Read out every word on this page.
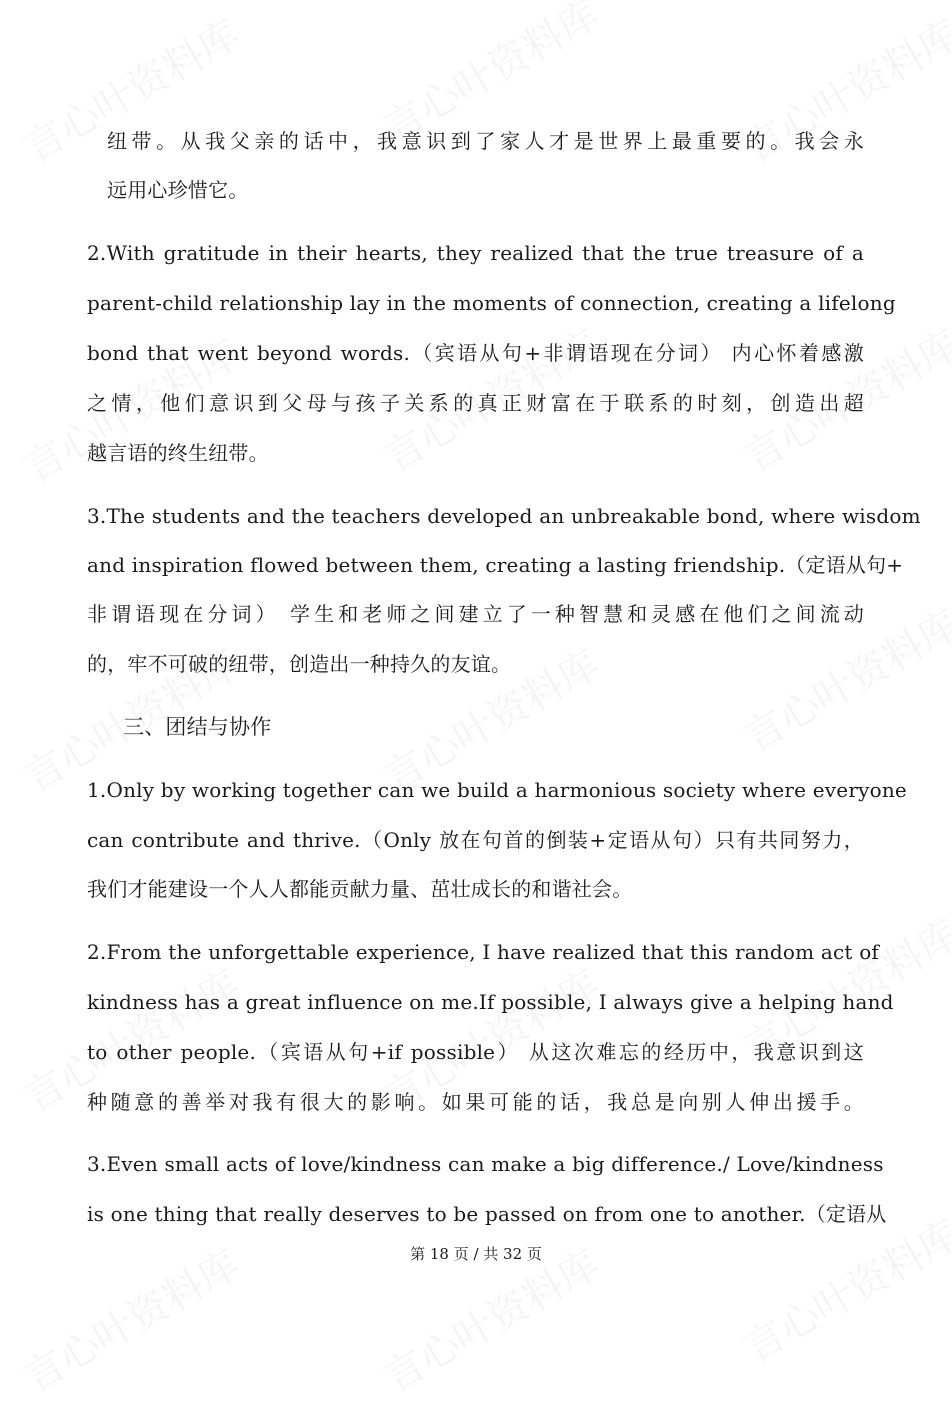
纽带。从我父亲的话中，我意识到了家人才是世界上最重要的。我会永
远用心珍惜它。
2.With gratitude in their hearts, they realized that the true treasure of a
parent-child relationship lay in the moments of connection, creating a lifelong
bond that went beyond words.（宾语从句+非谓语现在分词） 内心怀着感激
之情，他们意识到父母与孩子关系的真正财富在于联系的时刻，创造出超
越言语的终生纽带。
3.The students and the teachers developed an unbreakable bond, where wisdom
and inspiration flowed between them, creating a lasting friendship.（定语从句+
非谓语现在分词） 学生和老师之间建立了一种智慧和灵感在他们之间流动
的，牢不可破的纽带，创造出一种持久的友谊。
三、团结与协作
1.Only by working together can we build a harmonious society where everyone
can contribute and thrive.（Only 放在句首的倒装+定语从句）只有共同努力，
我们才能建设一个人人都能贡献力量、茁壮成长的和谐社会。
2.From the unforgettable experience, I have realized that this random act of
kindness has a great influence on me.If possible, I always give a helping hand
to other people.（宾语从句+if possible） 从这次难忘的经历中，我意识到这
种随意的善举对我有很大的影响。如果可能的话，我总是向别人伸出援手。
3.Even small acts of love/kindness can make a big difference./ Love/kindness
is one thing that really deserves to be passed on from one to another.（定语从
第 18 页 / 共 32 页
